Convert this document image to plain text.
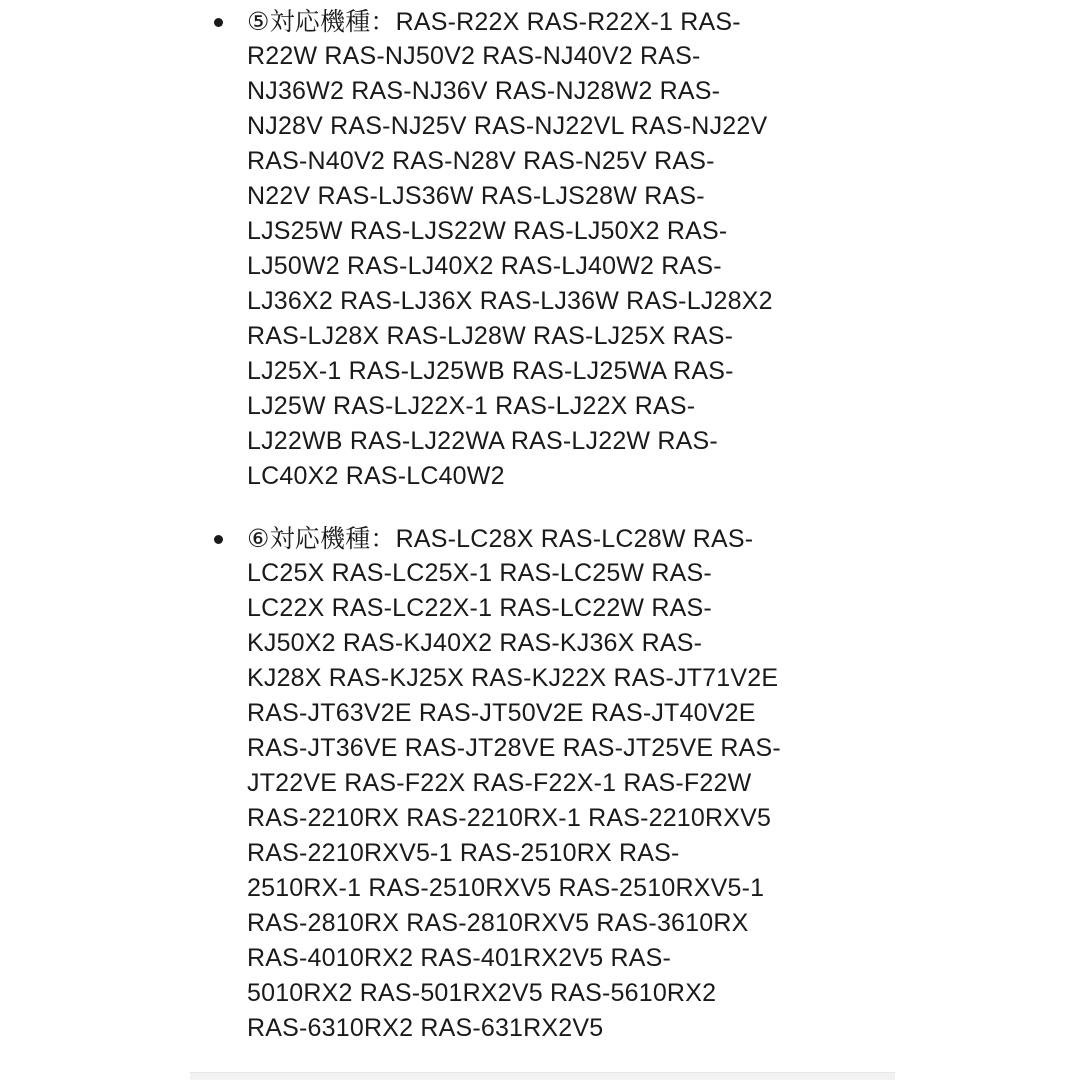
⑤対応機種：RAS-R22X RAS-R22X-1 RAS-
R22W RAS-NJ50V2 RAS-NJ40V2 RAS-
NJ36W2 RAS-NJ36V RAS-NJ28W2 RAS-
NJ28V RAS-NJ25V RAS-NJ22VL RAS-NJ22V
RAS-N40V2 RAS-N28V RAS-N25V RAS-
N22V RAS-LJS36W RAS-LJS28W RAS-
LJS25W RAS-LJS22W RAS-LJ50X2 RAS-
LJ50W2 RAS-LJ40X2 RAS-LJ40W2 RAS-
LJ36X2 RAS-LJ36X RAS-LJ36W RAS-LJ28X2
RAS-LJ28X RAS-LJ28W RAS-LJ25X RAS-
LJ25X-1 RAS-LJ25WB RAS-LJ25WA RAS-
LJ25W RAS-LJ22X-1 RAS-LJ22X RAS-
LJ22WB RAS-LJ22WA RAS-LJ22W RAS-
LC40X2 RAS-LC40W2
⑥対応機種：RAS-LC28X RAS-LC28W RAS-
LC25X RAS-LC25X-1 RAS-LC25W RAS-
LC22X RAS-LC22X-1 RAS-LC22W RAS-
KJ50X2 RAS-KJ40X2 RAS-KJ36X RAS-
KJ28X RAS-KJ25X RAS-KJ22X RAS-JT71V2E
RAS-JT63V2E RAS-JT50V2E RAS-JT40V2E
RAS-JT36VE RAS-JT28VE RAS-JT25VE RAS-
JT22VE RAS-F22X RAS-F22X-1 RAS-F22W
RAS-2210RX RAS-2210RX-1 RAS-2210RXV5
RAS-2210RXV5-1 RAS-2510RX RAS-
2510RX-1 RAS-2510RXV5 RAS-2510RXV5-1
RAS-2810RX RAS-2810RXV5 RAS-3610RX
RAS-4010RX2 RAS-401RX2V5 RAS-
5010RX2 RAS-501RX2V5 RAS-5610RX2
RAS-6310RX2 RAS-631RX2V5
